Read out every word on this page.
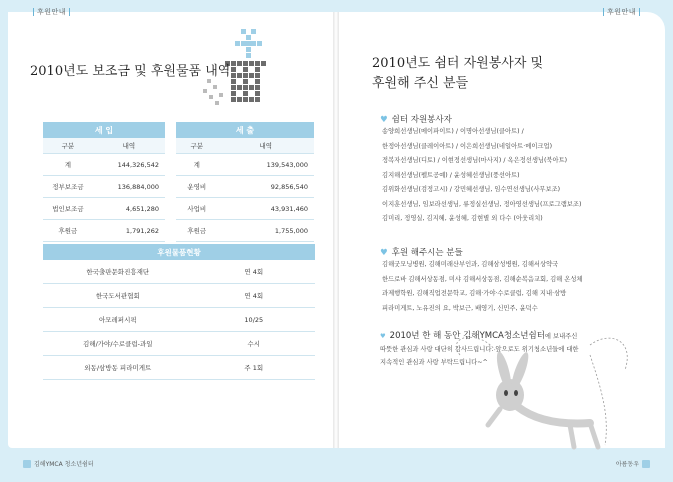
후원안내	후원안내
2010년도 보조금 및 후원물품 내역
세 입	
구분	내역
계	144,326,542
정부보조금	136,884,000
법인보조금	4,651,280
후원금	1,791,262
세 출	
구분	내역
계	139,543,000
운영비	92,856,540
사업비	43,931,460
후원금	1,755,000
후원물품현황	
한국출판문화진흥재단	연 4회
한국도서관협회	연 4회
아모레퍼시픽	10/25
김해/가야/수로클럽-과일	수시
외동/삼방동 피라미게트	주 1회
김해YMCA 청소년쉼터	아름동우
2010년도 쉼터 자원봉사자 및
후원해 주신 분들
♥ 쉼터 자원봉사자
송양희선생님(메이파이트) / 이명아선생님(클아트) /
한정아선생님(클레이아트) / 이은희선생님(네일아트·메이크업)
정복자선생님(디토) / 이현정선생님(마사지) / 옥은정선생님(북아트)
김지해선생님(펠트공예) / 윤성혜선생님(풍선아트)
김위화선생님(검정고시) / 강민혜선생님, 임수연선생님(사무보조)
이지훈선생님, 임보라선생님, 류정실선생님, 정아영선생님(프로그램보조)
김미리, 정영실, 김지혜, 윤성혜, 김현별 외 다수 (아웃리치)
♥ 후원 해주시는 분들
김해굿모닝병원, 김해미래산부인과, 김해삼성병원, 김해서상약국
한드로바 김해서상동점, 미샤 김해서상동점, 김해순복음교회, 김해 온성체
과제행학원, 김해직업전문학교, 김해·가야·수로클럽, 김해 지내·삼방
피라미게트, 노유진의 요, 박보근, 배영기, 신민주, 윤덕수
♥ 2010년 한 해 동안 김해YMCA청소년쉼터에 보내주신
따뜻한 관심과 사랑 대단히 감사드립니다. 앞으로도 위기청소년들에 대한
지속적인 관심과 사랑 부탁드립니다~^
